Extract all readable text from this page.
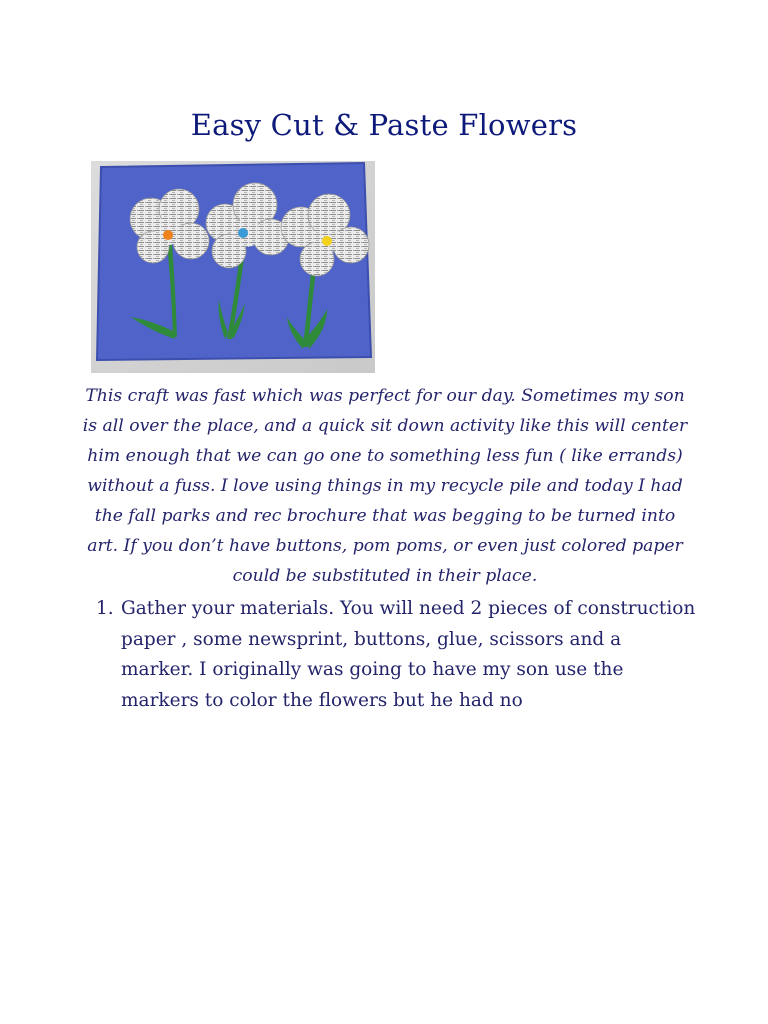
Easy Cut & Paste Flowers

This craft was fast which was perfect for our day. Sometimes my son is all over the place, and a quick sit down activity like this will center him enough that we can go one to something less fun ( like errands) without a fuss. I love using things in my recycle pile and today I had the fall parks and rec brochure that was begging to be turned into art. If you don’t have buttons, pom poms, or even just colored paper could be substituted in their place.

1. Gather your materials. You will need 2 pieces of construction paper , some newsprint, buttons, glue, scissors and a marker. I originally was going to have my son use the markers to color the flowers but he had no
